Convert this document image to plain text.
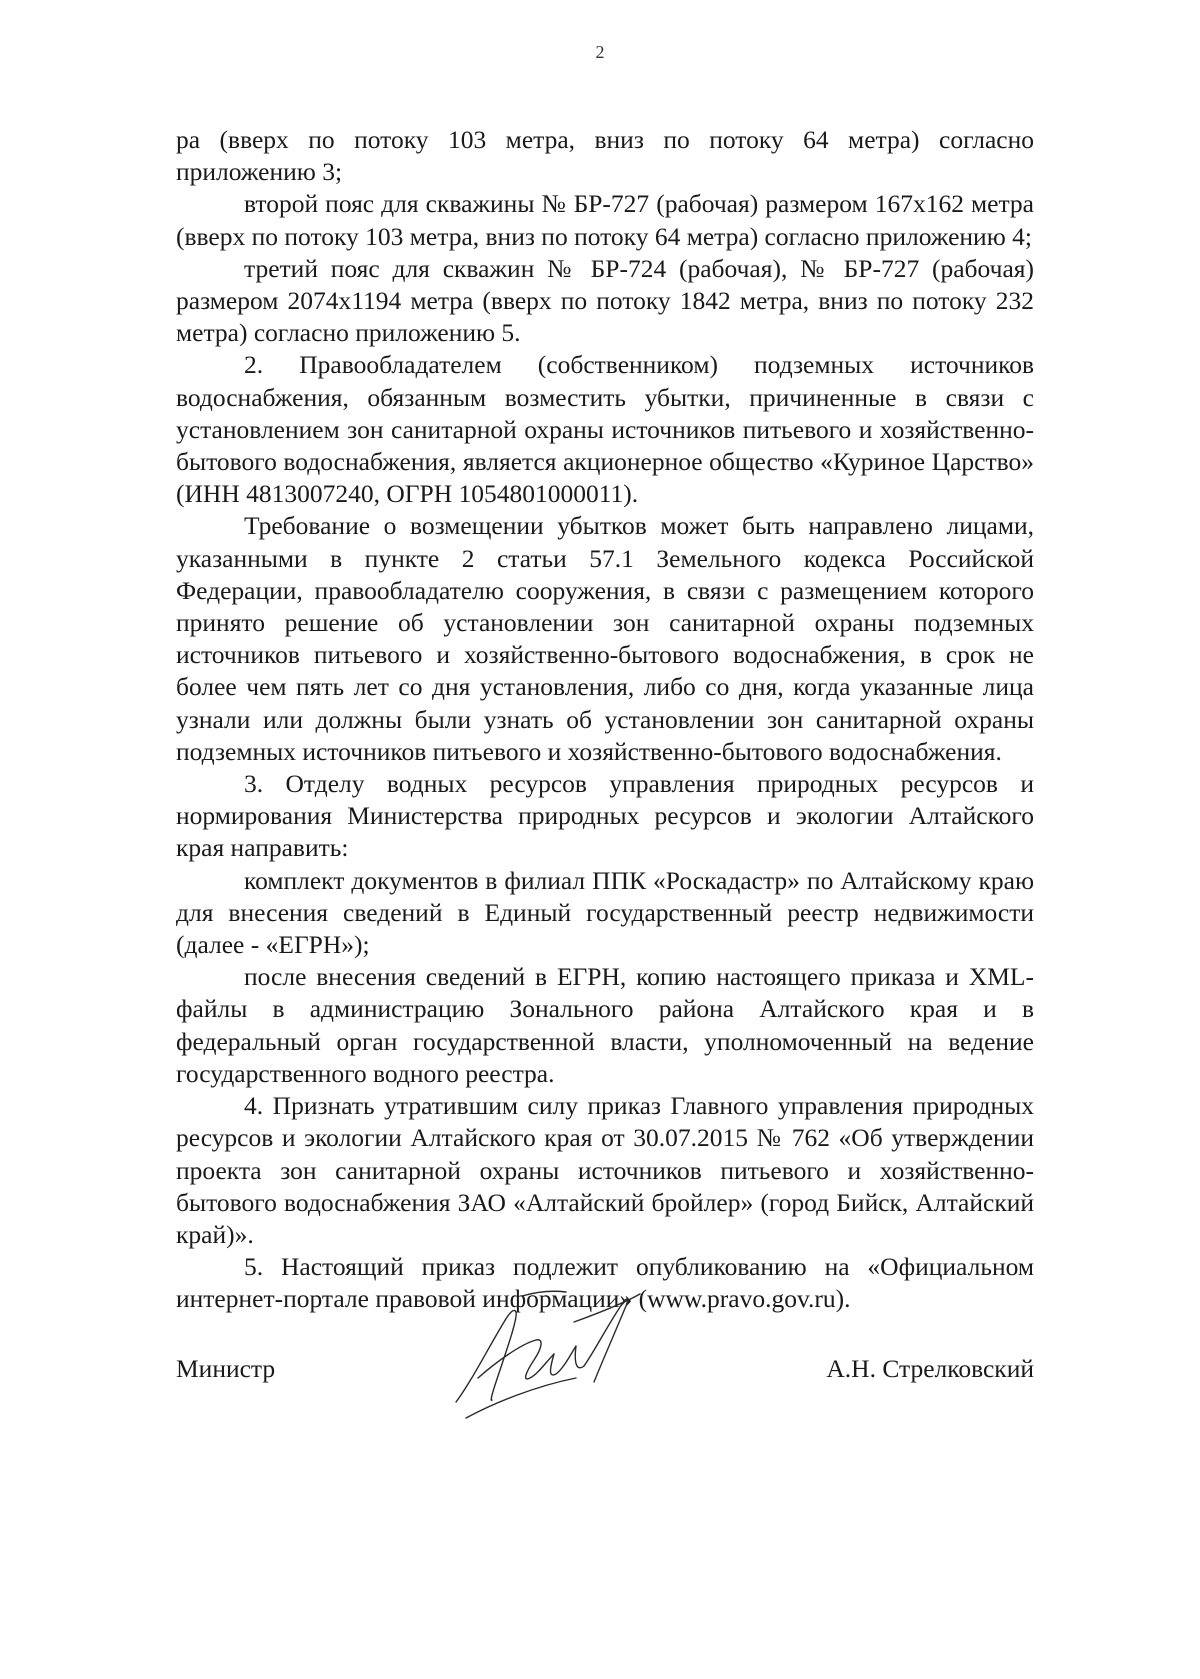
2

ра (вверх по потоку 103 метра, вниз по потоку 64 метра) согласно приложению 3;

второй пояс для скважины № БР-727 (рабочая) размером 167х162 метра (вверх по потоку 103 метра, вниз по потоку 64 метра) согласно приложению 4;

третий пояс для скважин № БР-724 (рабочая), № БР-727 (рабочая) размером 2074х1194 метра (вверх по потоку 1842 метра, вниз по потоку 232 метра) согласно приложению 5.

2. Правообладателем (собственником) подземных источников водоснабжения, обязанным возместить убытки, причиненные в связи с установлением зон санитарной охраны источников питьевого и хозяйственно-бытового водоснабжения, является акционерное общество «Куриное Царство» (ИНН 4813007240, ОГРН 1054801000011).

Требование о возмещении убытков может быть направлено лицами, указанными в пункте 2 статьи 57.1 Земельного кодекса Российской Федерации, правообладателю сооружения, в связи с размещением которого принято решение об установлении зон санитарной охраны подземных источников питьевого и хозяйственно-бытового водоснабжения, в срок не более чем пять лет со дня установления, либо со дня, когда указанные лица узнали или должны были узнать об установлении зон санитарной охраны подземных источников питьевого и хозяйственно-бытового водоснабжения.

3. Отделу водных ресурсов управления природных ресурсов и нормирования Министерства природных ресурсов и экологии Алтайского края направить:

комплект документов в филиал ППК «Роскадастр» по Алтайскому краю для внесения сведений в Единый государственный реестр недвижимости (далее - «ЕГРН»);

после внесения сведений в ЕГРН, копию настоящего приказа и XML-файлы в администрацию Зонального района Алтайского края и в федеральный орган государственной власти, уполномоченный на ведение государственного водного реестра.

4. Признать утратившим силу приказ Главного управления природных ресурсов и экологии Алтайского края от 30.07.2015 № 762 «Об утверждении проекта зон санитарной охраны источников питьевого и хозяйственно-бытового водоснабжения ЗАО «Алтайский бройлер» (город Бийск, Алтайский край)».

5. Настоящий приказ подлежит опубликованию на «Официальном интернет-портале правовой информации» (www.pravo.gov.ru).

Министр	А.Н. Стрелковский
